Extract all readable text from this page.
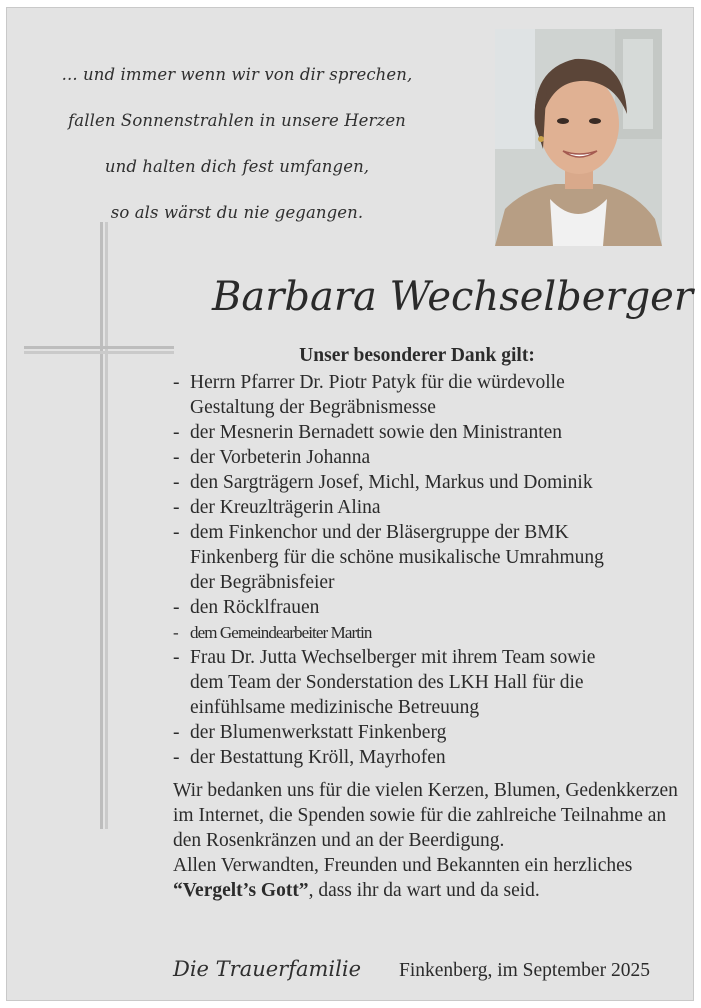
... und immer wenn wir von dir sprechen,
fallen Sonnenstrahlen in unsere Herzen
und halten dich fest umfangen,
so als wärst du nie gegangen.
Barbara Wechselberger
Unser besonderer Dank gilt:
- Herrn Pfarrer Dr. Piotr Patyk für die würdevolle
Gestaltung der Begräbnismesse
- der Mesnerin Bernadett sowie den Ministranten
- der Vorbeterin Johanna
- den Sargträgern Josef, Michl, Markus und Dominik
- der Kreuzlträgerin Alina
- dem Finkenchor und der Bläsergruppe der BMK
Finkenberg für die schöne musikalische Umrahmung
der Begräbnisfeier
- den Röcklfrauen
- dem Gemeindearbeiter Martin
- Frau Dr. Jutta Wechselberger mit ihrem Team sowie
dem Team der Sonderstation des LKH Hall für die
einfühlsame medizinische Betreuung
- der Blumenwerkstatt Finkenberg
- der Bestattung Kröll, Mayrhofen

Wir bedanken uns für die vielen Kerzen, Blumen, Gedenkkerzen im Internet, die Spenden sowie für die zahlreiche Teilnahme an den Rosenkränzen und an der Beerdigung.

Allen Verwandten, Freunden und Bekannten ein herzliches “Vergelt’s Gott”, dass ihr da wart und da seid.

Die Trauerfamilie Finkenberg, im September 2025
